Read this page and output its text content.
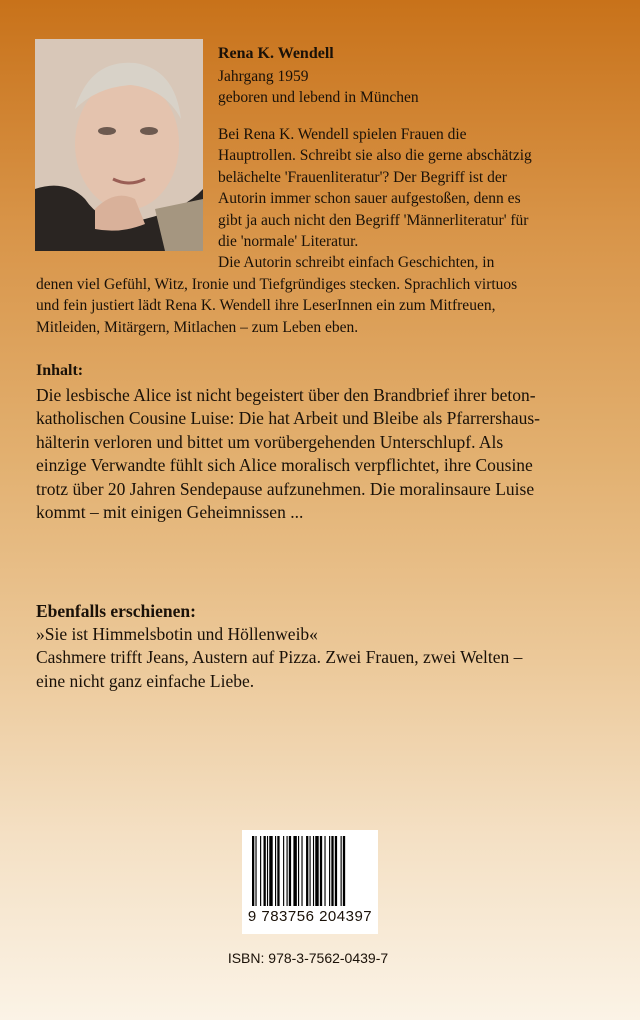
Rena K. Wendell

Jahrgang 1959

geboren und lebend in München

Bei Rena K. Wendell spielen Frauen die

Hauptrollen. Schreibt sie also die gerne abschätzig

belächelte 'Frauenliteratur'? Der Begriff ist der

Autorin immer schon sauer aufgestoßen, denn es

gibt ja auch nicht den Begriff 'Männerliteratur' für

die 'normale' Literatur.

Die Autorin schreibt einfach Geschichten, in

denen viel Gefühl, Witz, Ironie und Tiefgründiges stecken. Sprachlich virtuos

und fein justiert lädt Rena K. Wendell ihre LeserInnen ein zum Mitfreuen,

Mitleiden, Mitärgern, Mitlachen – zum Leben eben.

Inhalt:

Die lesbische Alice ist nicht begeistert über den Brandbrief ihrer beton-
katholischen Cousine Luise: Die hat Arbeit und Bleibe als Pfarrershaus-
hälterin verloren und bittet um vorübergehenden Unterschlupf. Als
einzige Verwandte fühlt sich Alice moralisch verpflichtet, ihre Cousine
trotz über 20 Jahren Sendepause aufzunehmen. Die moralinsaure Luise
kommt – mit einigen Geheimnissen ...

Ebenfalls erschienen:

»Sie ist Himmelsbotin und Höllenweib«

Cashmere trifft Jeans, Austern auf Pizza. Zwei Frauen, zwei Welten –

eine nicht ganz einfache Liebe.

9 783756 204397
ISBN: 978-3-7562-0439-7
